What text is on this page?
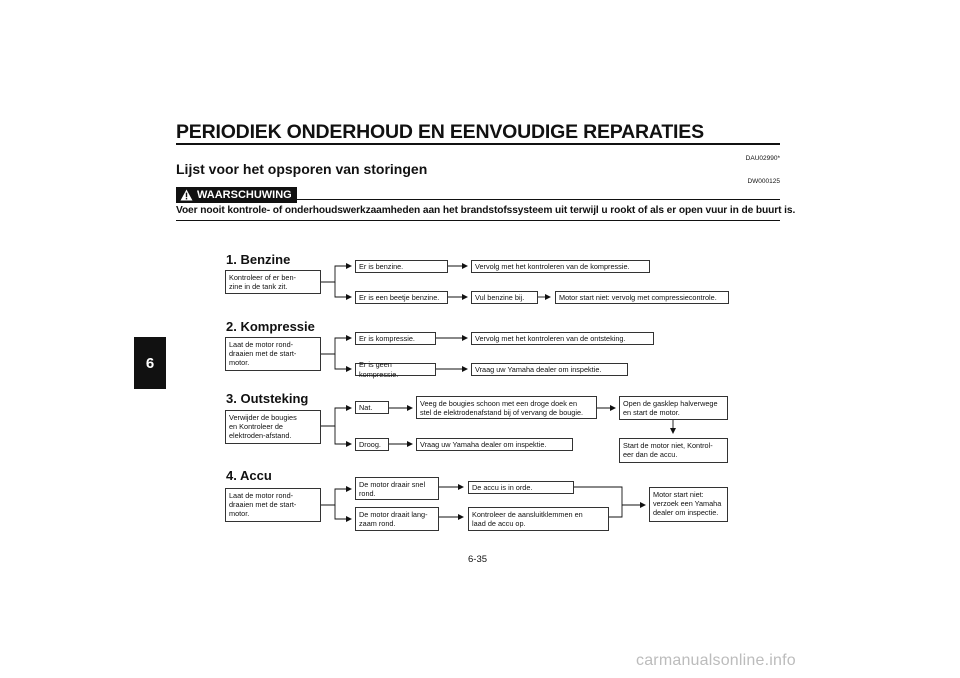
PERIODIEK ONDERHOUD EN EENVOUDIGE REPARATIES
6
DAU02990*
Lijst voor het opsporen van storingen
DW000125
WAARSCHUWING
Voer nooit kontrole- of onderhoudswerkzaamheden aan het brandstofssysteem uit terwijl u rookt of als er open vuur in de buurt is.
1. Benzine
Kontroleer of er ben-
zine in de tank zit.
Er is benzine.
Er is een beetje benzine.
Vervolg met het kontroleren van de kompressie.
Vul benzine bij.	Motor start niet: vervolg met compressiecontrole.
2. Kompressie
Laat de motor rond-
draaien met de start-
motor.
Er is kompressie.
Er is geen kompressie.
Vervolg met het kontroleren van de ontsteking.
Vraag uw Yamaha dealer om inspektie.
3. Outsteking
Verwijder de bougies
en Kontroleer de
elektroden-afstand.
Nat.
Droog.
Veeg de bougies schoon met een droge doek en
stel de elektrodenafstand bij of vervang de bougie.
Vraag uw Yamaha dealer om inspektie.
Open de gasklep halverwege
en start de motor.
Start de motor niet, Kontrol-
eer dan de accu.
4. Accu
Laat de motor rond-
draaien met de start-
motor.
De motor draair snel
rond.
De motor draait lang-
zaam rond.
De accu is in orde.
Kontroleer de aansluitklemmen en
laad de accu op.
Motor start niet:
verzoek een Yamaha
dealer om inspectie.
6-35
carmanualsonline.info
